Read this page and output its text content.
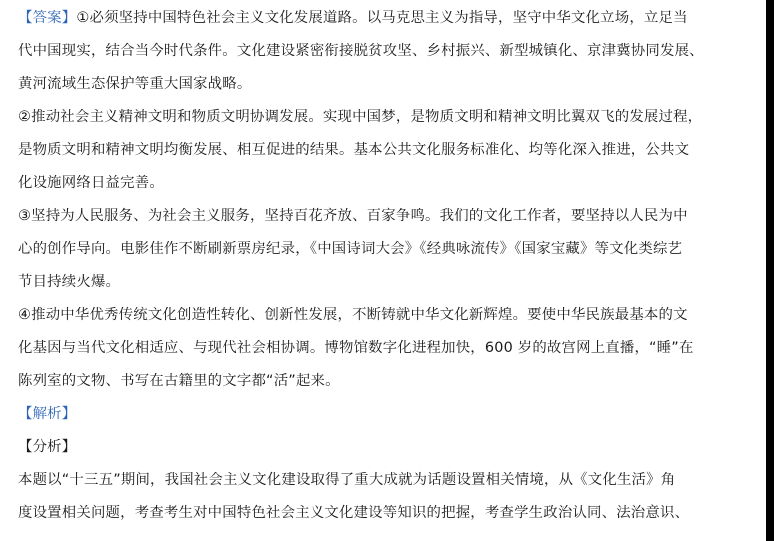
【答案】①必须坚持中国特色社会主义文化发展道路。以马克思主义为指导，坚守中华文化立场，立足当
代中国现实，结合当今时代条件。文化建设紧密衔接脱贫攻坚、乡村振兴、新型城镇化、京津冀协同发展、
黄河流域生态保护等重大国家战略。
②推动社会主义精神文明和物质文明协调发展。实现中国梦，是物质文明和精神文明比翼双飞的发展过程，
是物质文明和精神文明均衡发展、相互促进的结果。基本公共文化服务标准化、均等化深入推进，公共文
化设施网络日益完善。
③坚持为人民服务、为社会主义服务，坚持百花齐放、百家争鸣。我们的文化工作者，要坚持以人民为中
心的创作导向。电影佳作不断刷新票房纪录，《中国诗词大会》《经典咏流传》《国家宝藏》等文化类综艺
节目持续火爆。
④推动中华优秀传统文化创造性转化、创新性发展，不断铸就中华文化新辉煌。要使中华民族最基本的文
化基因与当代文化相适应、与现代社会相协调。博物馆数字化进程加快，600 岁的故宫网上直播，“睡”在
陈列室的文物、书写在古籍里的文字都“活”起来。
【解析】
【分析】
本题以“十三五”期间，我国社会主义文化建设取得了重大成就为话题设置相关情境，从《文化生活》角
度设置相关问题，考查考生对中国特色社会主义文化建设等知识的把握，考查学生政治认同、法治意识、
